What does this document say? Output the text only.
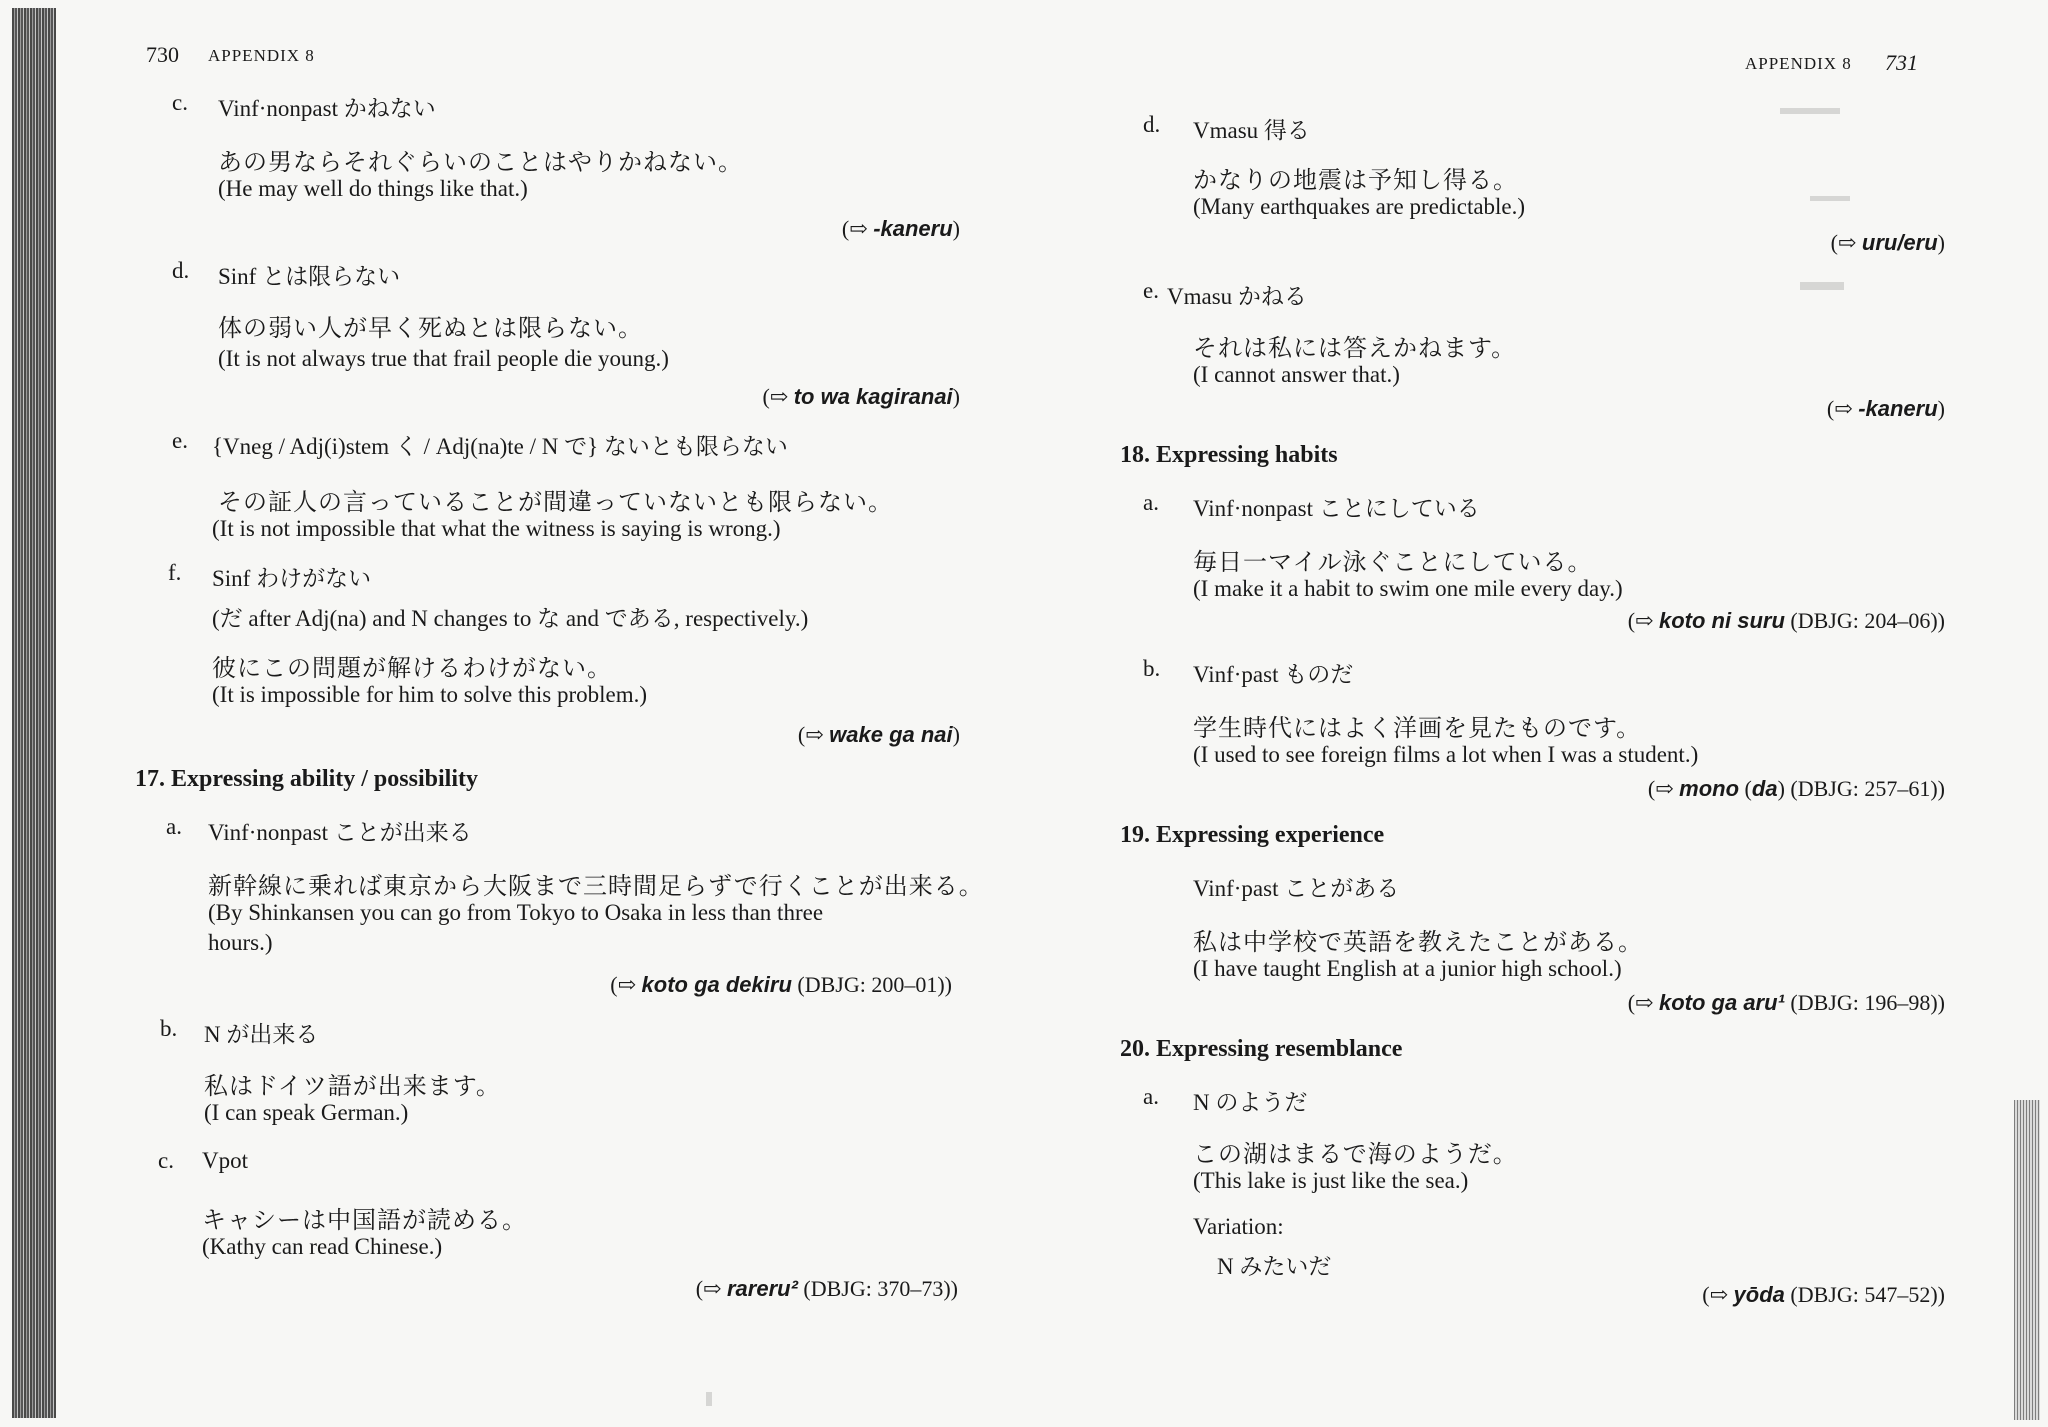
730 APPENDIX 8
c. Vinf·nonpast かねない
あの男ならそれぐらいのことはやりかねない。
(He may well do things like that.)
(⇨ -kaneru)
d. Sinf とは限らない
体の弱い人が早く死ぬとは限らない。
(It is not always true that frail people die young.)
(⇨ to wa kagiranai)
e. {Vneg / Adj(i)stem く / Adj(na)te / N で} ないとも限らない
その証人の言っていることが間違っていないとも限らない。
(It is not impossible that what the witness is saying is wrong.)
f. Sinf わけがない
(だ after Adj(na) and N changes to な and である, respectively.)
彼にこの問題が解けるわけがない。
(It is impossible for him to solve this problem.)
(⇨ wake ga nai)
17. Expressing ability / possibility
a. Vinf·nonpast ことが出来る
新幹線に乗れば東京から大阪まで三時間足らずで行くことが出来る。
(By Shinkansen you can go from Tokyo to Osaka in less than three
hours.)
(⇨ koto ga dekiru (DBJG: 200–01))
b. N が出来る
私はドイツ語が出来ます。
(I can speak German.)
c. Vpot
キャシーは中国語が読める。
(Kathy can read Chinese.)
(⇨ rareru² (DBJG: 370–73))
APPENDIX 8 731
d. Vmasu 得る
かなりの地震は予知し得る。
(Many earthquakes are predictable.)
(⇨ uru/eru)
e. Vmasu かねる
それは私には答えかねます。
(I cannot answer that.)
(⇨ -kaneru)
18. Expressing habits
a. Vinf·nonpast ことにしている
毎日一マイル泳ぐことにしている。
(I make it a habit to swim one mile every day.)
(⇨ koto ni suru (DBJG: 204–06))
b. Vinf·past ものだ
学生時代にはよく洋画を見たものです。
(I used to see foreign films a lot when I was a student.)
(⇨ mono (da) (DBJG: 257–61))
19. Expressing experience
Vinf·past ことがある
私は中学校で英語を教えたことがある。
(I have taught English at a junior high school.)
(⇨ koto ga aru¹ (DBJG: 196–98))
20. Expressing resemblance
a. N のようだ
この湖はまるで海のようだ。
(This lake is just like the sea.)
Variation:
N みたいだ
(⇨ yōda (DBJG: 547–52))
